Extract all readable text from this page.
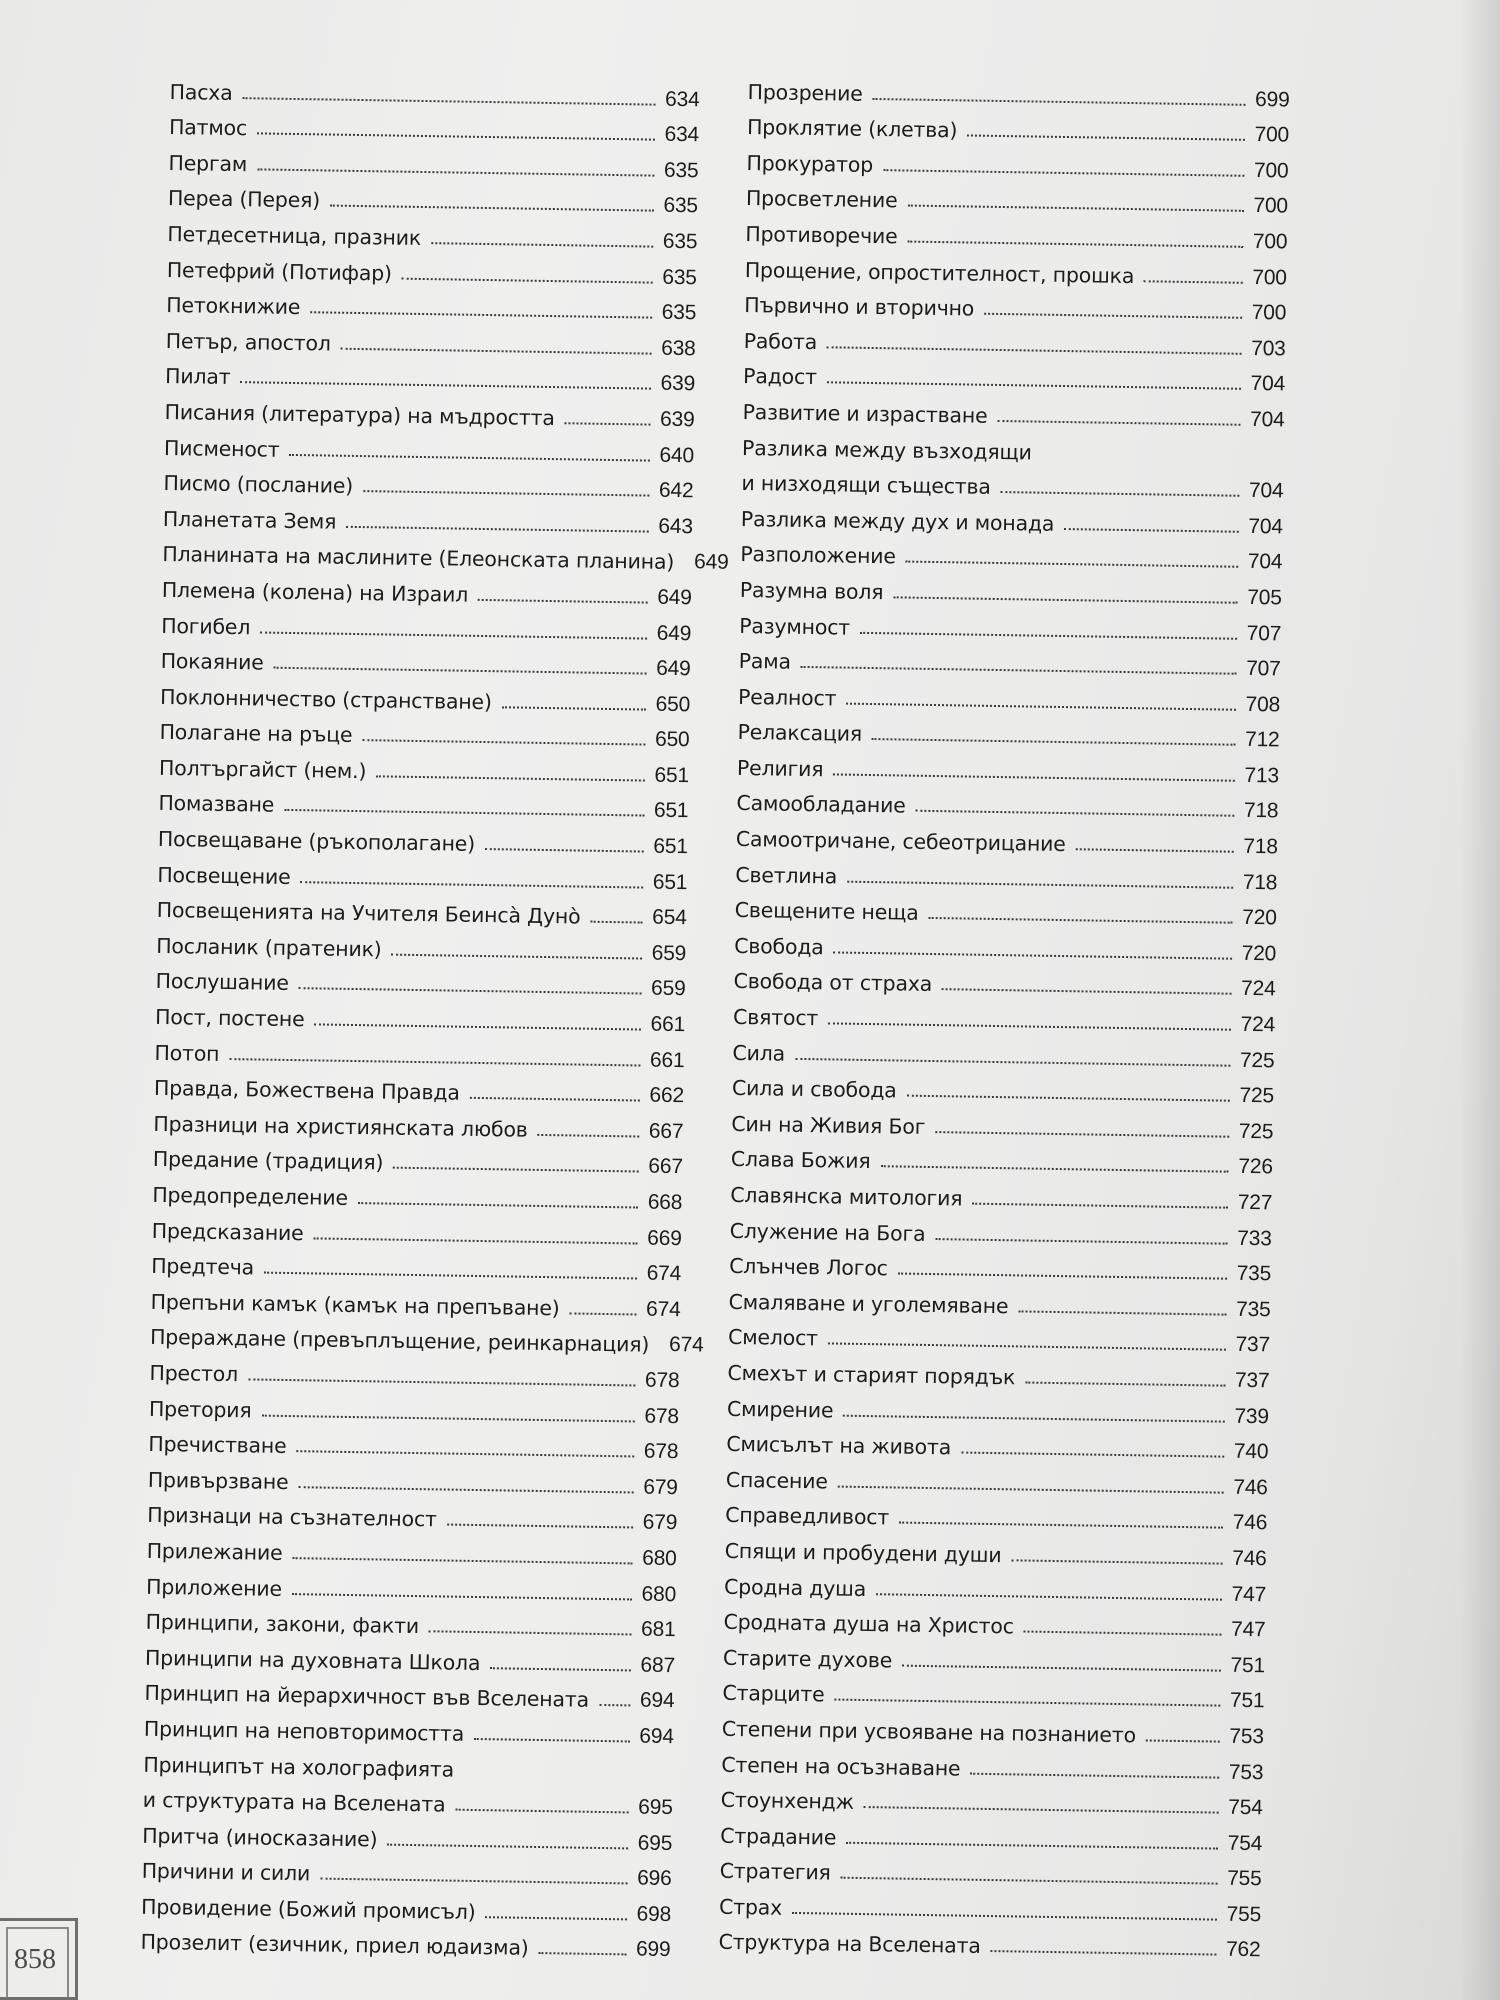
Пасха	634
Патмос	634
Пергам	635
Переа (Перея)	635
Петдесетница, празник	635
Петефрий (Потифар)	635
Петокнижие	635
Петър, апостол	638
Пилат	639
Писания (литература) на мъдростта	639
Писменост	640
Писмо (послание)	642
Планетата Земя	643
Планината на маслините (Елеонската планина) 649
Племена (колена) на Израил	649
Погибел	649
Покаяние	649
Поклонничество (странстване)	650
Полагане на ръце	650
Полтъргайст (нем.)	651
Помазване	651
Посвещаване (ръкополагане)	651
Посвещение	651
Посвещенията на Учителя Беинсà Дуно̀	654
Посланик (пратеник)	659
Послушание	659
Пост, постене	661
Потоп	661
Правда, Божествена Правда	662
Празници на християнската любов	667
Предание (традиция)	667
Предопределение	668
Предсказание	669
Предтеча	674
Препъни камък (камък на препъване)	674
Прераждане (превъплъщение, реинкарнация) 674
Престол	678
Претория	678
Пречистване	678
Привързване	679
Признаци на съзнателност	679
Прилежание	680
Приложение	680
Принципи, закони, факти	681
Принципи на духовната Школа	687
Принцип на йерархичност във Вселената 694
Принцип на неповторимостта	694
Принципът на холографията
и структурата на Вселената	695
Притча (иносказание)	695
Причини и сили	696
Провидение (Божий промисъл)	698
Прозелит (езичник, приел юдаизма)	699
Прозрение	699
Проклятие (клетва)	700
Прокуратор	700
Просветление	700
Противоречие	700
Прощение, опростителност, прошка	700
Първично и вторично	700
Работа	703
Радост	704
Развитие и израстване	704
Разлика между възходящи
и низходящи същества	704
Разлика между дух и монада	704
Разположение	704
Разумна воля	705
Разумност	707
Рама	707
Реалност	708
Релаксация	712
Религия	713
Самообладание	718
Самоотричане, себеотрицание	718
Светлина	718
Свещените неща	720
Свобода	720
Свобода от страха	724
Святост	724
Сила	725
Сила и свобода	725
Син на Живия Бог	725
Слава Божия	726
Славянска митология	727
Служение на Бога	733
Слънчев Логос	735
Смаляване и уголемяване	735
Смелост	737
Смехът и старият порядък	737
Смирение	739
Смисълът на живота	740
Спасение	746
Справедливост	746
Спящи и пробудени души	746
Сродна душа	747
Сродната душа на Христос	747
Старите духове	751
Старците	751
Степени при усвояване на познанието	753
Степен на осъзнаване	753
Стоунхендж	754
Страдание	754
Стратегия	755
Страх	755
Структура на Вселената	762
858
